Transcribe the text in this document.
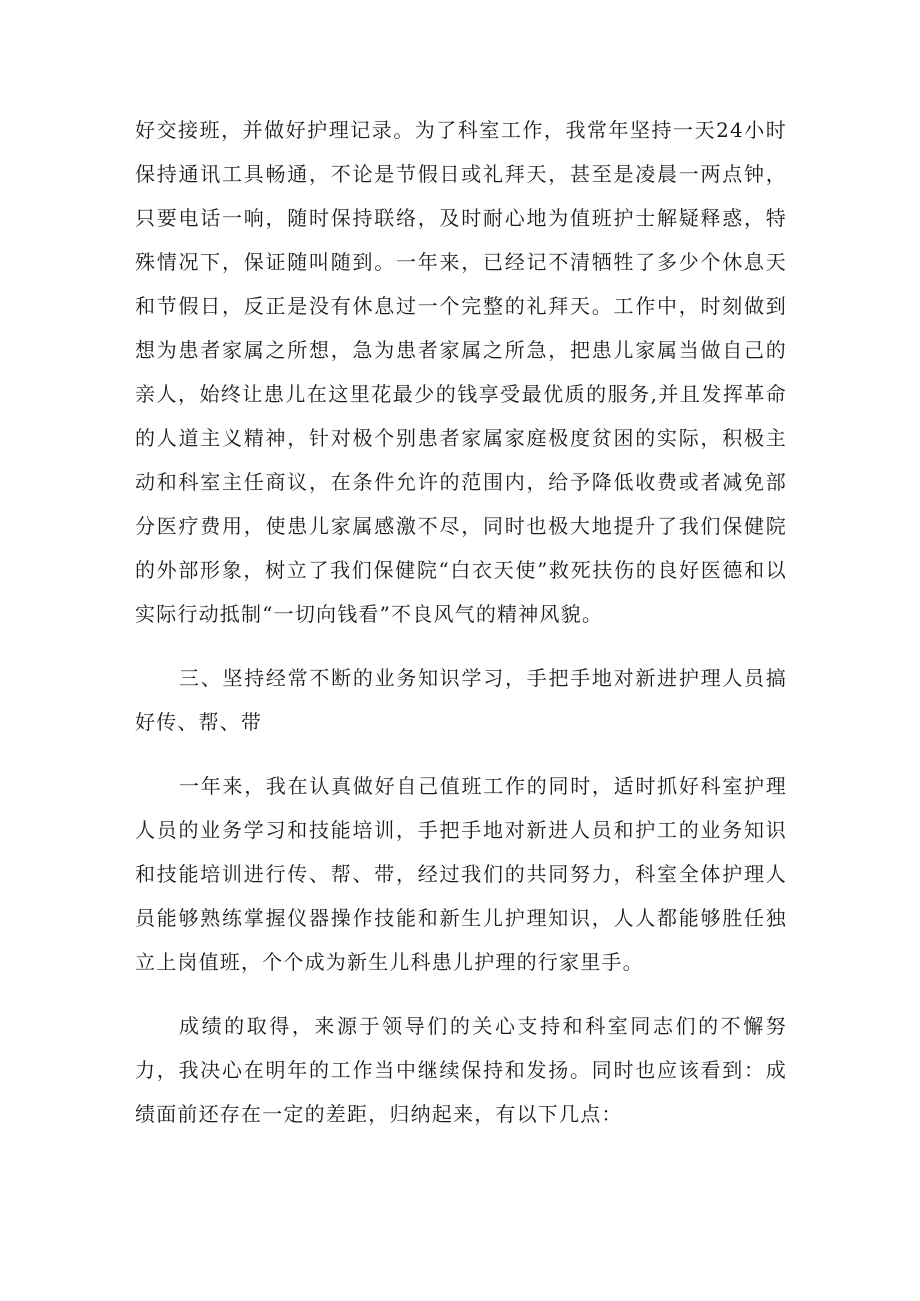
好交接班，并做好护理记录。为了科室工作，我常年坚持一天24小时保持通讯工具畅通，不论是节假日或礼拜天，甚至是凌晨一两点钟，只要电话一响，随时保持联络，及时耐心地为值班护士解疑释惑，特殊情况下，保证随叫随到。一年来，已经记不清牺牲了多少个休息天和节假日，反正是没有休息过一个完整的礼拜天。工作中，时刻做到想为患者家属之所想，急为患者家属之所急，把患儿家属当做自己的亲人，始终让患儿在这里花最少的钱享受最优质的服务,并且发挥革命的人道主义精神，针对极个别患者家属家庭极度贫困的实际，积极主动和科室主任商议，在条件允许的范围内，给予降低收费或者减免部分医疗费用，使患儿家属感激不尽，同时也极大地提升了我们保健院的外部形象，树立了我们保健院“白衣天使”救死扶伤的良好医德和以实际行动抵制“一切向钱看”不良风气的精神风貌。

三、坚持经常不断的业务知识学习，手把手地对新进护理人员搞好传、帮、带

一年来，我在认真做好自己值班工作的同时，适时抓好科室护理人员的业务学习和技能培训，手把手地对新进人员和护工的业务知识和技能培训进行传、帮、带，经过我们的共同努力，科室全体护理人员能够熟练掌握仪器操作技能和新生儿护理知识，人人都能够胜任独立上岗值班，个个成为新生儿科患儿护理的行家里手。

成绩的取得，来源于领导们的关心支持和科室同志们的不懈努力，我决心在明年的工作当中继续保持和发扬。同时也应该看到：成绩面前还存在一定的差距，归纳起来，有以下几点：
